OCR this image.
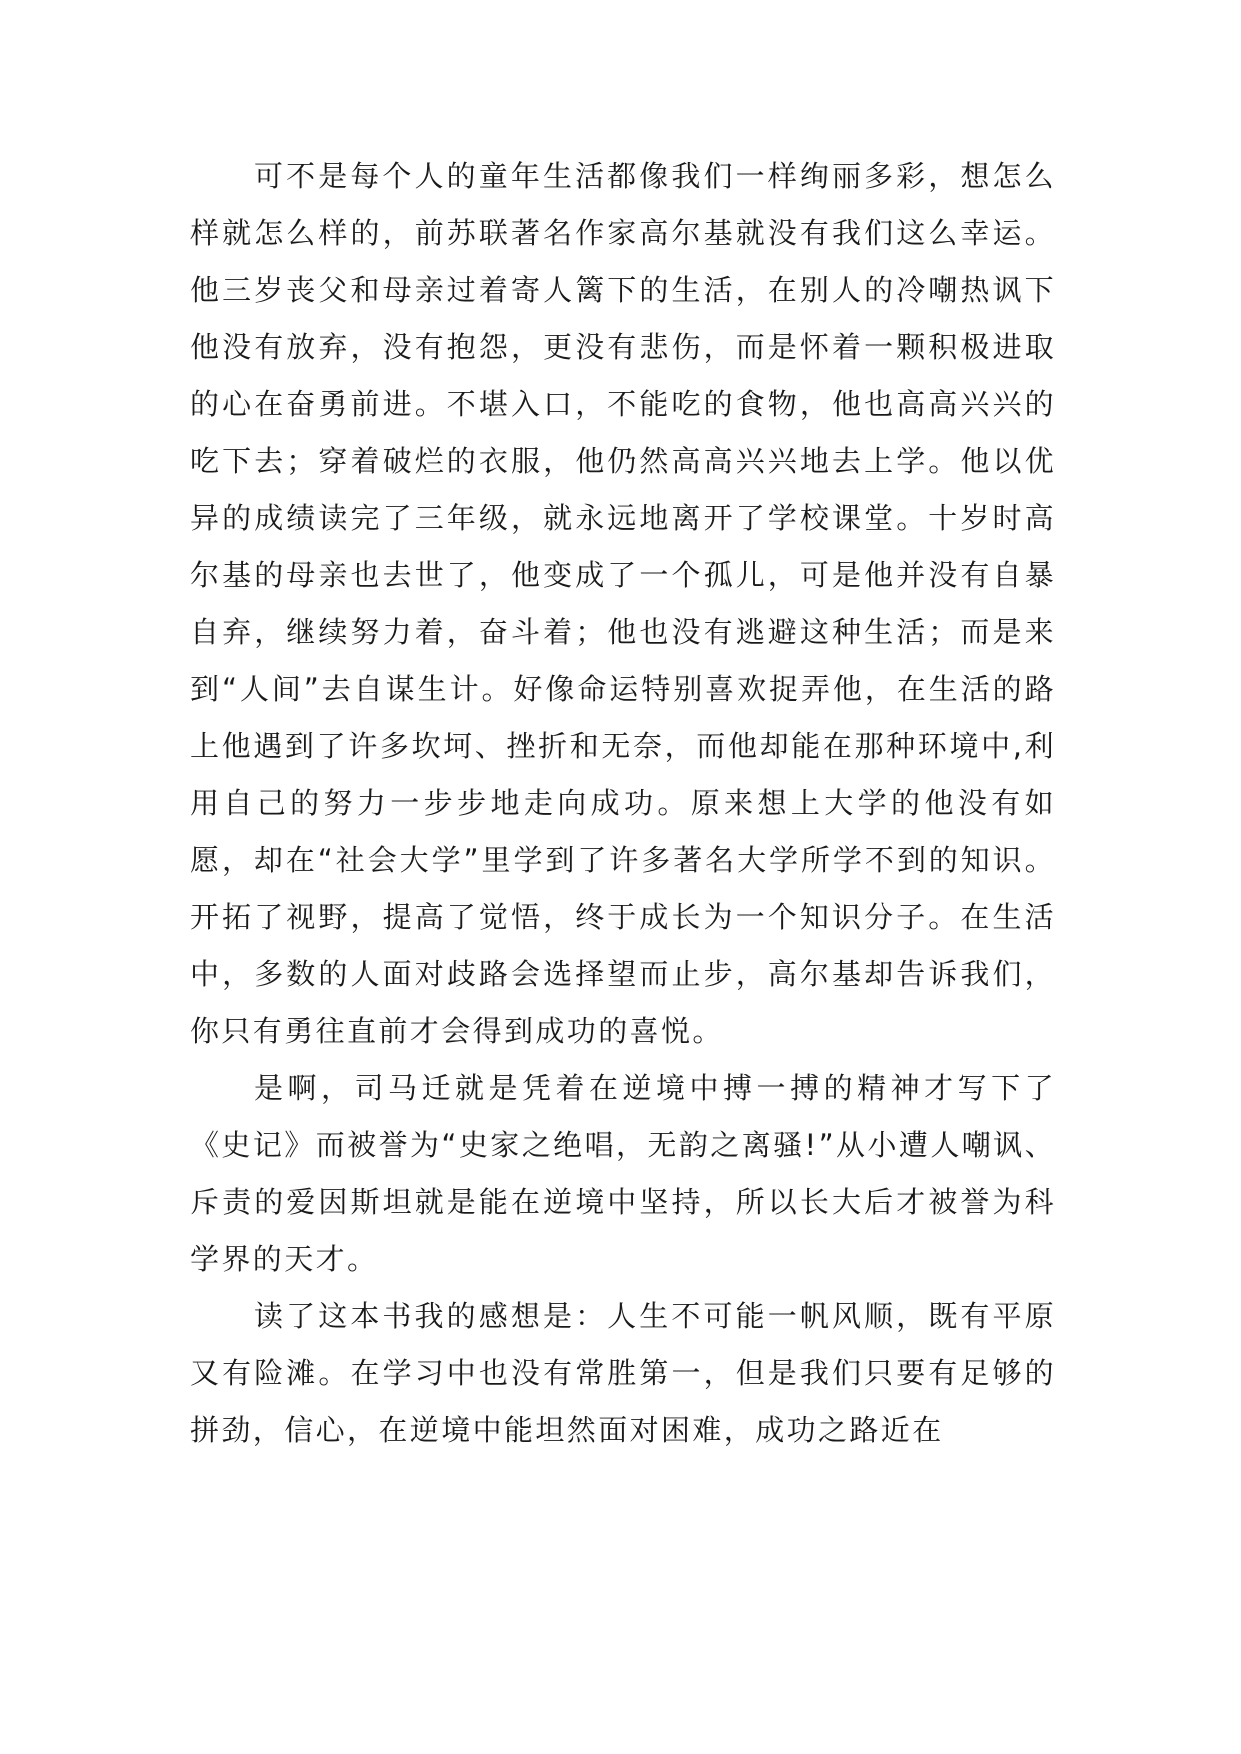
可不是每个人的童年生活都像我们一样绚丽多彩，想怎么样就怎么样的，前苏联著名作家高尔基就没有我们这么幸运。他三岁丧父和母亲过着寄人篱下的生活，在别人的冷嘲热讽下他没有放弃，没有抱怨，更没有悲伤，而是怀着一颗积极进取的心在奋勇前进。不堪入口，不能吃的食物，他也高高兴兴的吃下去；穿着破烂的衣服，他仍然高高兴兴地去上学。他以优异的成绩读完了三年级，就永远地离开了学校课堂。十岁时高尔基的母亲也去世了，他变成了一个孤儿，可是他并没有自暴自弃，继续努力着，奋斗着；他也没有逃避这种生活；而是来到“人间”去自谋生计。好像命运特别喜欢捉弄他，在生活的路上他遇到了许多坎坷、挫折和无奈，而他却能在那种环境中,利用自己的努力一步步地走向成功。原来想上大学的他没有如愿，却在“社会大学”里学到了许多著名大学所学不到的知识。开拓了视野，提高了觉悟，终于成长为一个知识分子。在生活中，多数的人面对歧路会选择望而止步，高尔基却告诉我们，你只有勇往直前才会得到成功的喜悦。

是啊，司马迁就是凭着在逆境中搏一搏的精神才写下了《史记》而被誉为“史家之绝唱，无韵之离骚!”从小遭人嘲讽、斥责的爱因斯坦就是能在逆境中坚持，所以长大后才被誉为科学界的天才。

读了这本书我的感想是：人生不可能一帆风顺，既有平原又有险滩。在学习中也没有常胜第一，但是我们只要有足够的拼劲，信心，在逆境中能坦然面对困难，成功之路近在
